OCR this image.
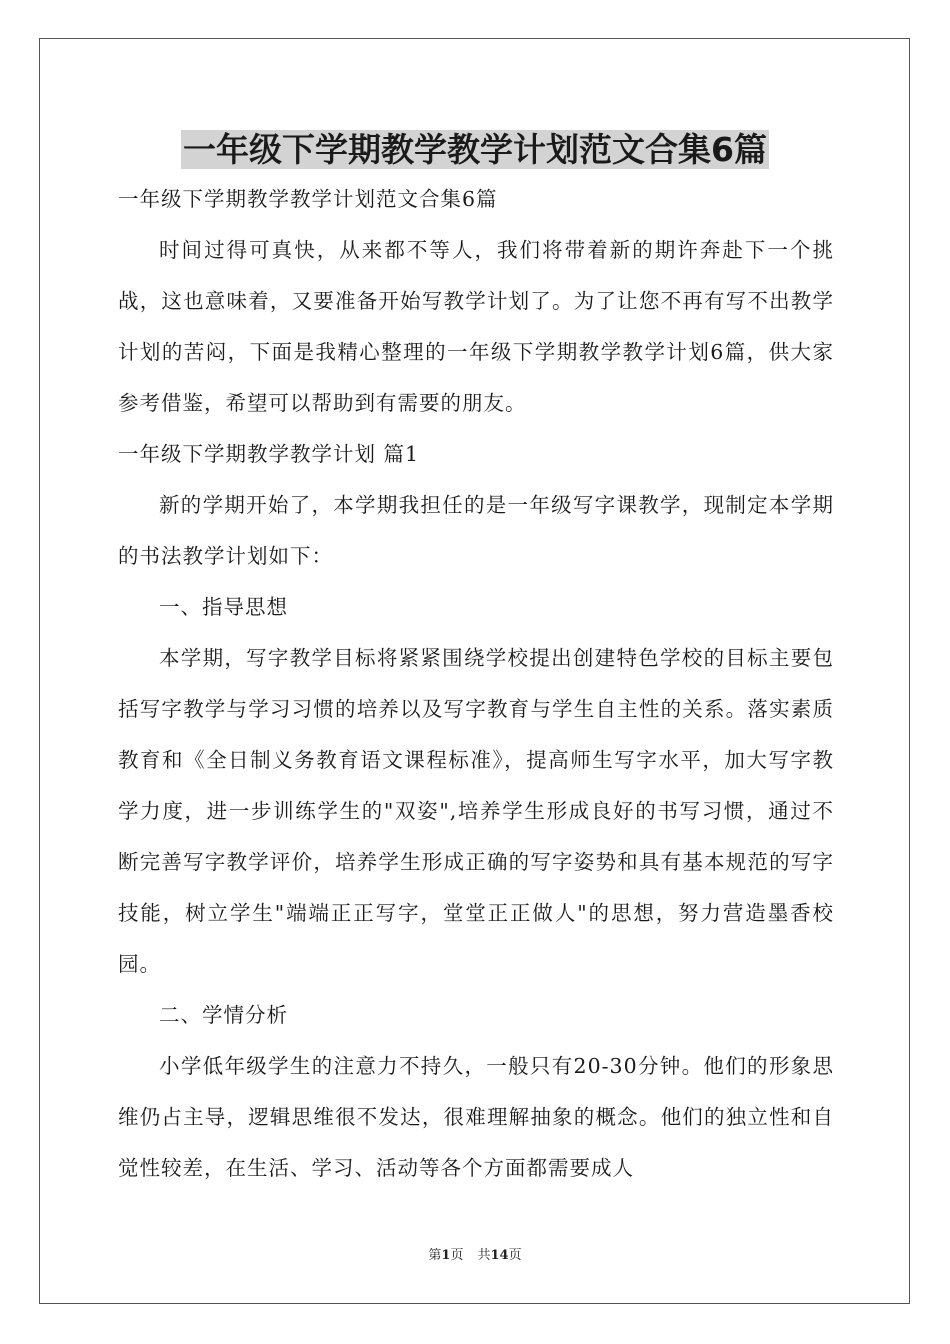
一年级下学期教学教学计划范文合集6篇

一年级下学期教学教学计划范文合集6篇

时间过得可真快，从来都不等人，我们将带着新的期许奔赴下一个挑战，这也意味着，又要准备开始写教学计划了。为了让您不再有写不出教学计划的苦闷，下面是我精心整理的一年级下学期教学教学计划6篇，供大家参考借鉴，希望可以帮助到有需要的朋友。

一年级下学期教学教学计划 篇1

新的学期开始了，本学期我担任的是一年级写字课教学，现制定本学期的书法教学计划如下：

一、指导思想

本学期，写字教学目标将紧紧围绕学校提出创建特色学校的目标主要包括写字教学与学习习惯的培养以及写字教育与学生自主性的关系。落实素质教育和《全日制义务教育语文课程标准》，提高师生写字水平，加大写字教学力度，进一步训练学生的"双姿",培养学生形成良好的书写习惯，通过不断完善写字教学评价，培养学生形成正确的写字姿势和具有基本规范的写字技能，树立学生"端端正正写字，堂堂正正做人"的思想，努力营造墨香校园。

二、学情分析

小学低年级学生的注意力不持久，一般只有20-30分钟。他们的形象思维仍占主导，逻辑思维很不发达，很难理解抽象的概念。他们的独立性和自觉性较差，在生活、学习、活动等各个方面都需要成人

第1页 共14页
